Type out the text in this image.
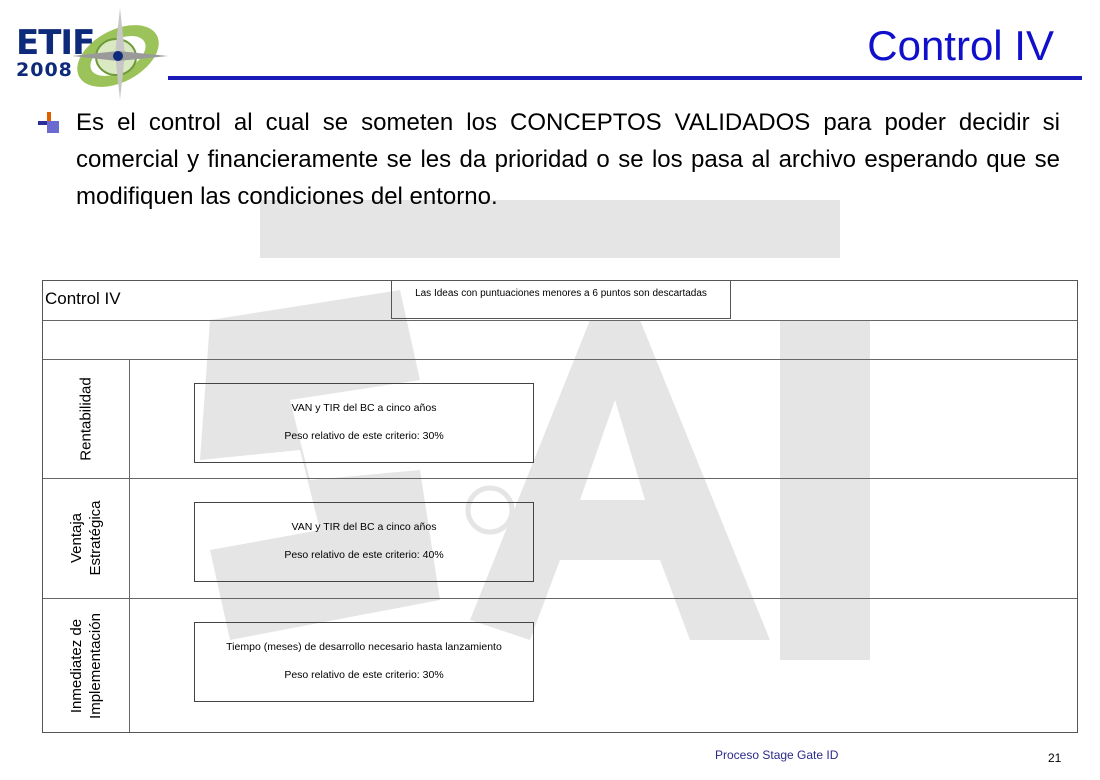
ETIF
2008
Control IV
Es el control al cual se someten los CONCEPTOS VALIDADOS para poder decidir si comercial y financieramente se les da prioridad o se los pasa al archivo esperando que se modifiquen las condiciones del entorno.
Control IV	Las Ideas con puntuaciones menores a 6 puntos son descartadas
Rentabilidad	VAN y TIR del BC a cinco años
Peso relativo de este criterio: 30%
Ventaja Estratégica	VAN y TIR del BC a cinco años
Peso relativo de este criterio: 40%
Inmediatez de Implementación	Tiempo (meses) de desarrollo necesario hasta lanzamiento
Peso relativo de este criterio: 30%
Proceso Stage Gate ID	21
